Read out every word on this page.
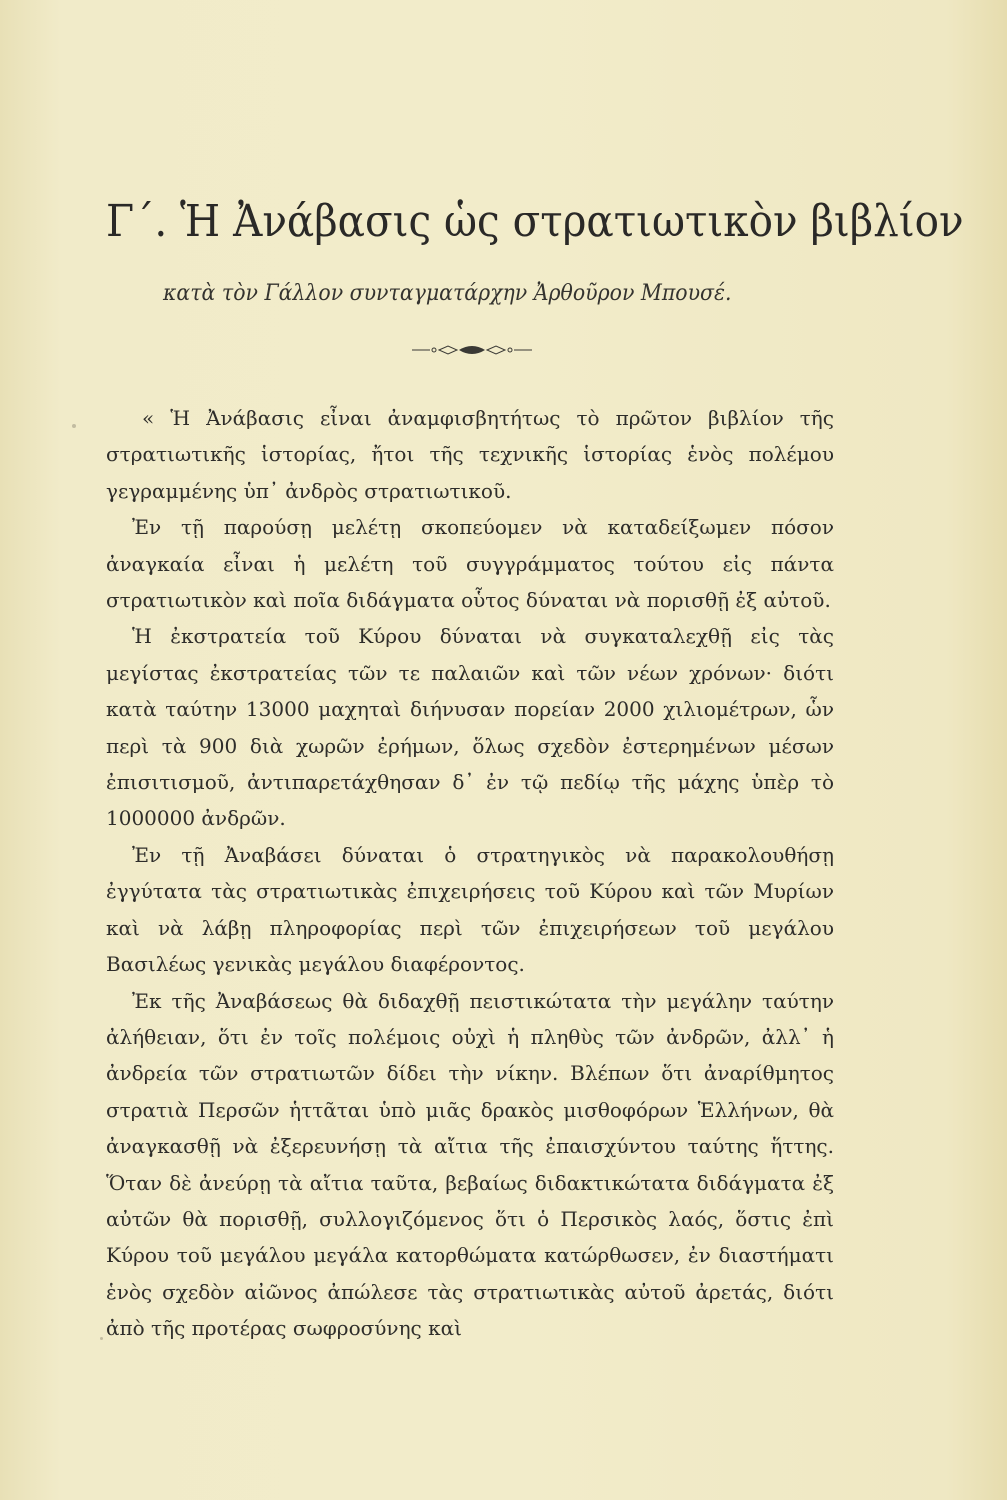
Γ΄. Ἡ Ἀνάβασις ὡς στρατιωτικὸν βιβλίον
κατὰ τὸν Γάλλον συνταγματάρχην Ἀρθοῦρον Μπουσέ.

« Ἡ Ἀνάβασις εἶναι ἀναμφισβητήτως τὸ πρῶτον βιβλίον τῆς στρατιωτικῆς ἱστορίας, ἤτοι τῆς τεχνικῆς ἱστορίας ἑνὸς πολέμου γεγραμμένης ὑπ᾽ ἀνδρὸς στρατιωτικοῦ.

Ἐν τῇ παρούσῃ μελέτῃ σκοπεύομεν νὰ καταδείξωμεν πόσον ἀναγκαία εἶναι ἡ μελέτη τοῦ συγγράμματος τούτου εἰς πάντα στρατιωτικὸν καὶ ποῖα διδάγματα οὗτος δύναται νὰ πορισθῇ ἐξ αὐτοῦ.

Ἡ ἐκστρατεία τοῦ Κύρου δύναται νὰ συγκαταλεχθῇ εἰς τὰς μεγίστας ἐκστρατείας τῶν τε παλαιῶν καὶ τῶν νέων χρόνων· διότι κατὰ ταύτην 13000 μαχηταὶ διήνυσαν πορείαν 2000 χιλιομέτρων, ὧν περὶ τὰ 900 διὰ χωρῶν ἐρήμων, ὅλως σχεδὸν ἐστερημένων μέσων ἐπισιτισμοῦ, ἀντιπαρετάχθησαν δ᾽ ἐν τῷ πεδίῳ τῆς μάχης ὑπὲρ τὸ 1000000 ἀνδρῶν.

Ἐν τῇ Ἀναβάσει δύναται ὁ στρατηγικὸς νὰ παρακολουθήσῃ ἐγγύτατα τὰς στρατιωτικὰς ἐπιχειρήσεις τοῦ Κύρου καὶ τῶν Μυρίων καὶ νὰ λάβῃ πληροφορίας περὶ τῶν ἐπιχειρήσεων τοῦ μεγάλου Βασιλέως γενικὰς μεγάλου διαφέροντος.

Ἐκ τῆς Ἀναβάσεως θὰ διδαχθῇ πειστικώτατα τὴν μεγάλην ταύτην ἀλήθειαν, ὅτι ἐν τοῖς πολέμοις οὐχὶ ἡ πληθὺς τῶν ἀνδρῶν, ἀλλ᾽ ἡ ἀνδρεία τῶν στρατιωτῶν δίδει τὴν νίκην. Βλέπων ὅτι ἀναρίθμητος στρατιὰ Περσῶν ἡττᾶται ὑπὸ μιᾶς δρακὸς μισθοφόρων Ἑλλήνων, θὰ ἀναγκασθῇ νὰ ἐξερευνήσῃ τὰ αἴτια τῆς ἐπαισχύντου ταύτης ἥττης. Ὅταν δὲ ἀνεύρῃ τὰ αἴτια ταῦτα, βεβαίως διδακτικώτατα διδάγματα ἐξ αὐτῶν θὰ πορισθῇ, συλλογιζόμενος ὅτι ὁ Περσικὸς λαός, ὅστις ἐπὶ Κύρου τοῦ μεγάλου μεγάλα κατορθώματα κατώρθωσεν, ἐν διαστήματι ἑνὸς σχεδὸν αἰῶνος ἀπώλεσε τὰς στρατιωτικὰς αὐτοῦ ἀρετάς, διότι ἀπὸ τῆς προτέρας σωφροσύνης καὶ
